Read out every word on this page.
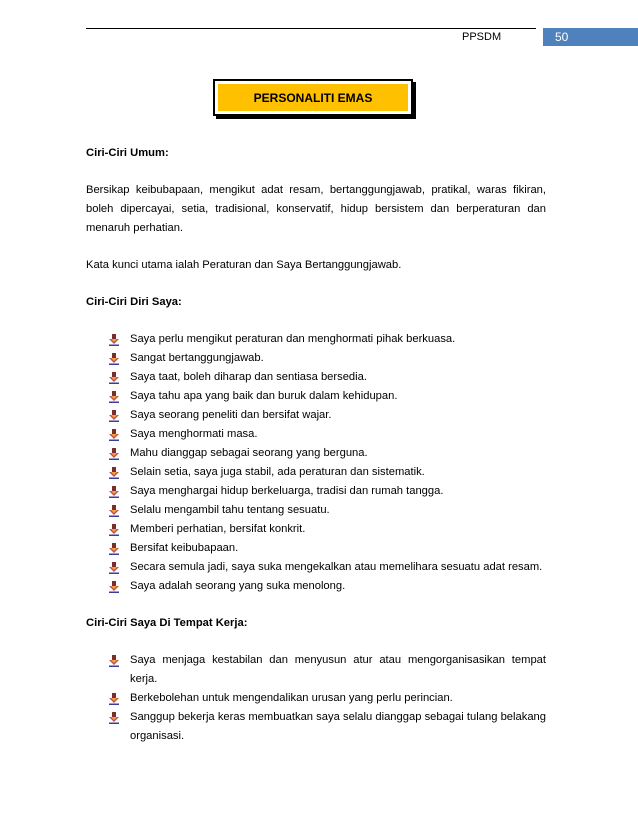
PPSDM	50
PERSONALITI EMAS

Ciri-Ciri Umum:

Bersikap keibubapaan, mengikut adat resam, bertanggungjawab, pratikal, waras fikiran, boleh dipercayai, setia, tradisional, konservatif, hidup bersistem dan berperaturan dan menaruh perhatian.

Kata kunci utama ialah Peraturan dan Saya Bertanggungjawab.

Ciri-Ciri Diri Saya:

Saya perlu mengikut peraturan dan menghormati pihak berkuasa.
Sangat bertanggungjawab.
Saya taat, boleh diharap dan sentiasa bersedia.
Saya tahu apa yang baik dan buruk dalam kehidupan.
Saya seorang peneliti dan bersifat wajar.
Saya menghormati masa.
Mahu dianggap sebagai seorang yang berguna.
Selain setia, saya juga stabil, ada peraturan dan sistematik.
Saya menghargai hidup berkeluarga, tradisi dan rumah tangga.
Selalu mengambil tahu tentang sesuatu.
Memberi perhatian, bersifat konkrit.
Bersifat keibubapaan.
Secara semula jadi, saya suka mengekalkan atau memelihara sesuatu adat resam.
Saya adalah seorang yang suka menolong.

Ciri-Ciri Saya Di Tempat Kerja:

Saya menjaga kestabilan dan menyusun atur atau mengorganisasikan tempat kerja.
Berkebolehan untuk mengendalikan urusan yang perlu perincian.
Sanggup bekerja keras membuatkan saya selalu dianggap sebagai tulang belakang organisasi.
